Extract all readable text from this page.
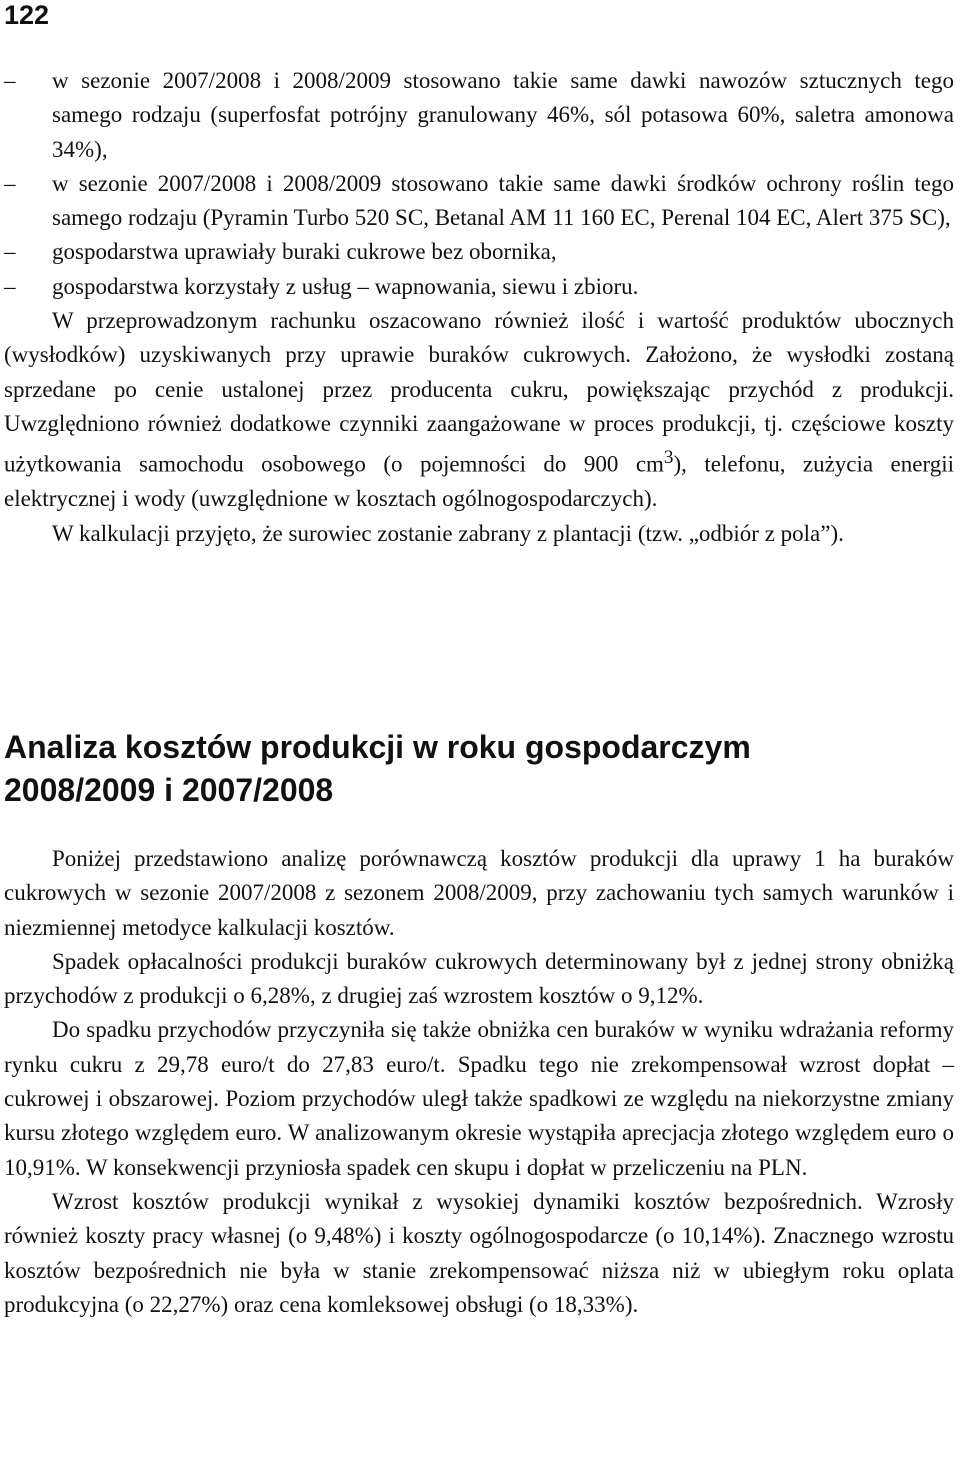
122
– w sezonie 2007/2008 i 2008/2009 stosowano takie same dawki nawozów sztucznych tego samego rodzaju (superfosfat potrójny granulowany 46%, sól potasowa 60%, saletra amonowa 34%),
– w sezonie 2007/2008 i 2008/2009 stosowano takie same dawki środków ochrony roślin tego samego rodzaju (Pyramin Turbo 520 SC, Betanal AM 11 160 EC, Perenal 104 EC, Alert 375 SC),
– gospodarstwa uprawiały buraki cukrowe bez obornika,
– gospodarstwa korzystały z usług – wapnowania, siewu i zbioru.

W przeprowadzonym rachunku oszacowano również ilość i wartość produktów ubocznych (wysłodków) uzyskiwanych przy uprawie buraków cukrowych. Założono, że wysłodki zostaną sprzedane po cenie ustalonej przez producenta cukru, powiększając przychód z produkcji. Uwzględniono również dodatkowe czynniki zaangażowane w proces produkcji, tj. częściowe koszty użytkowania samochodu osobowego (o pojemności do 900 $cm^3$), telefonu, zużycia energii elektrycznej i wody (uwzględnione w kosztach ogólnogospodarczych).

W kalkulacji przyjęto, że surowiec zostanie zabrany z plantacji (tzw. „odbiór z pola”).

Analiza kosztów produkcji w roku gospodarczym 2008/2009 i 2007/2008

Poniżej przedstawiono analizę porównawczą kosztów produkcji dla uprawy 1 ha buraków cukrowych w sezonie 2007/2008 z sezonem 2008/2009, przy zachowaniu tych samych warunków i niezmiennej metodyce kalkulacji kosztów.

Spadek opłacalności produkcji buraków cukrowych determinowany był z jednej strony obniżką przychodów z produkcji o 6,28%, z drugiej zaś wzrostem kosztów o 9,12%.

Do spadku przychodów przyczyniła się także obniżka cen buraków w wyniku wdrażania reformy rynku cukru z 29,78 euro/t do 27,83 euro/t. Spadku tego nie zrekompensował wzrost dopłat – cukrowej i obszarowej. Poziom przychodów uległ także spadkowi ze względu na niekorzystne zmiany kursu złotego względem euro. W analizowanym okresie wystąpiła aprecjacja złotego względem euro o 10,91%. W konsekwencji przyniosła spadek cen skupu i dopłat w przeliczeniu na PLN.

Wzrost kosztów produkcji wynikał z wysokiej dynamiki kosztów bezpośrednich. Wzrosły również koszty pracy własnej (o 9,48%) i koszty ogólnogospodarcze (o 10,14%). Znacznego wzrostu kosztów bezpośrednich nie była w stanie zrekompensować niższa niż w ubiegłym roku oplata produkcyjna (o 22,27%) oraz cena komleksowej obsługi (o 18,33%).
